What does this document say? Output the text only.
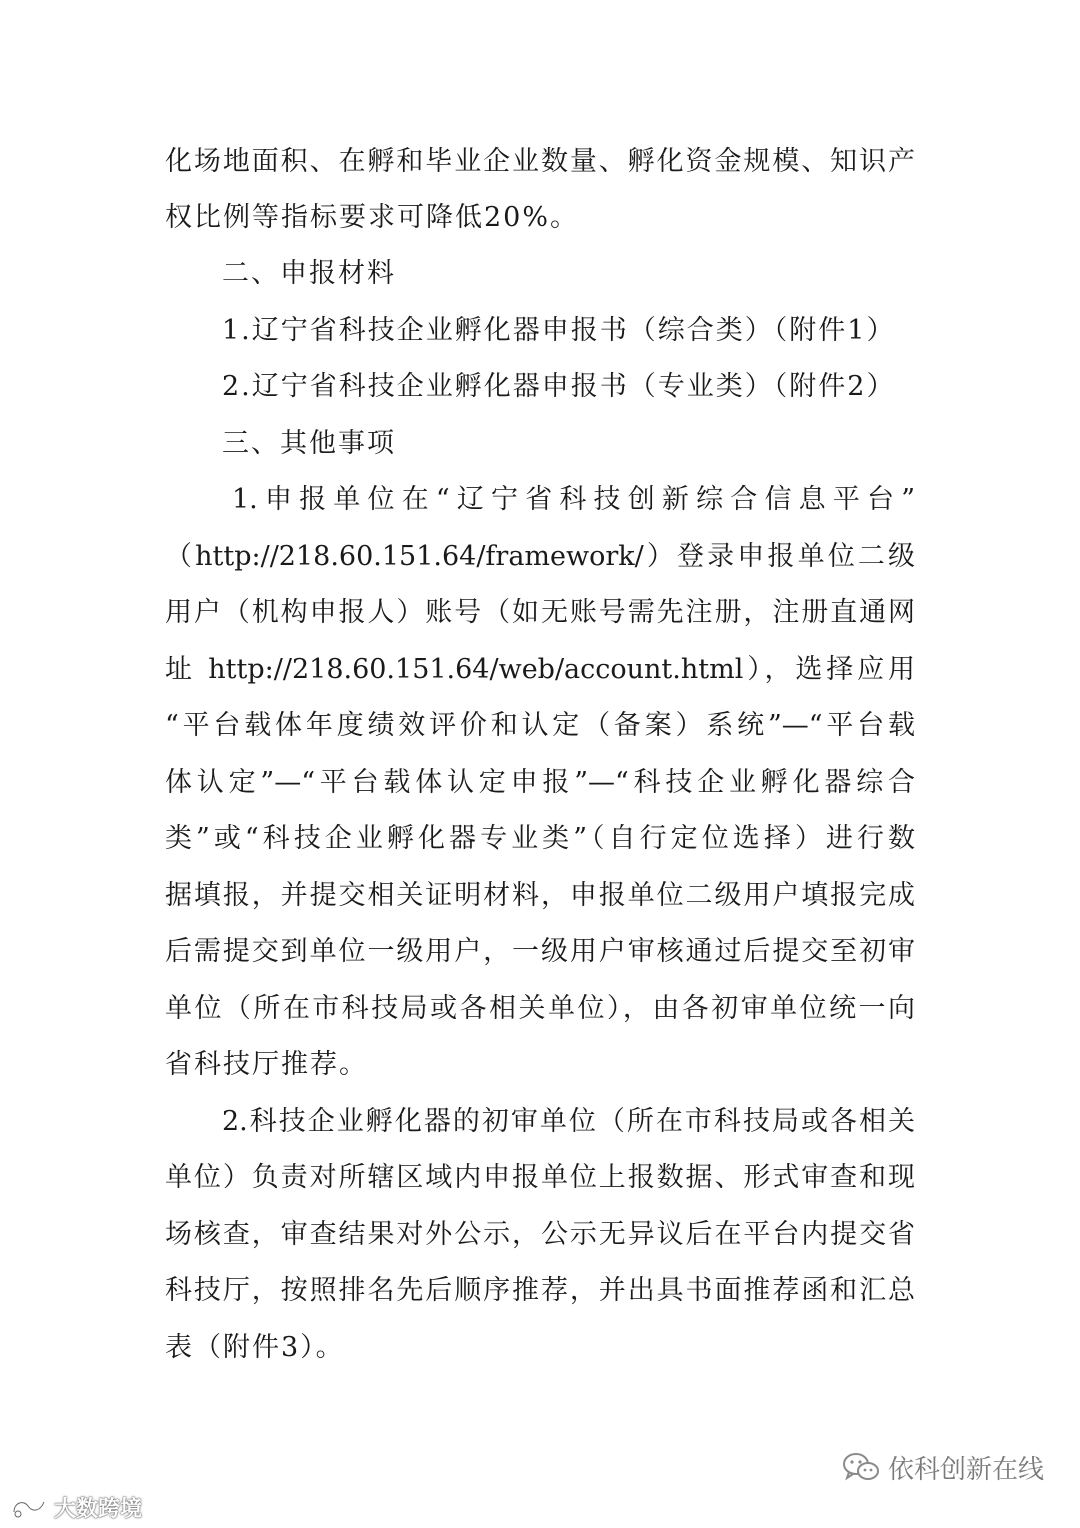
化场地面积、在孵和毕业企业数量、孵化资金规模、知识产
权比例等指标要求可降低20%。
二、申报材料
1.辽宁省科技企业孵化器申报书（综合类）（附件1）
2.辽宁省科技企业孵化器申报书（专业类）（附件2）
三、其他事项
1.申报单位在“辽宁省科技创新综合信息平台”
（http://218.60.151.64/framework/）登录申报单位二级
用户（机构申报人）账号（如无账号需先注册，注册直通网
址 http://218.60.151.64/web/account.html），选择应用
“平台载体年度绩效评价和认定（备案）系统”—“平台载
体认定”—“平台载体认定申报”—“科技企业孵化器综合
类”或“科技企业孵化器专业类”（自行定位选择）进行数
据填报，并提交相关证明材料，申报单位二级用户填报完成
后需提交到单位一级用户，一级用户审核通过后提交至初审
单位（所在市科技局或各相关单位），由各初审单位统一向
省科技厅推荐。
2.科技企业孵化器的初审单位（所在市科技局或各相关
单位）负责对所辖区域内申报单位上报数据、形式审查和现
场核查，审查结果对外公示，公示无异议后在平台内提交省
科技厅，按照排名先后顺序推荐，并出具书面推荐函和汇总
表（附件3）。
依科创新在线
大数跨境
